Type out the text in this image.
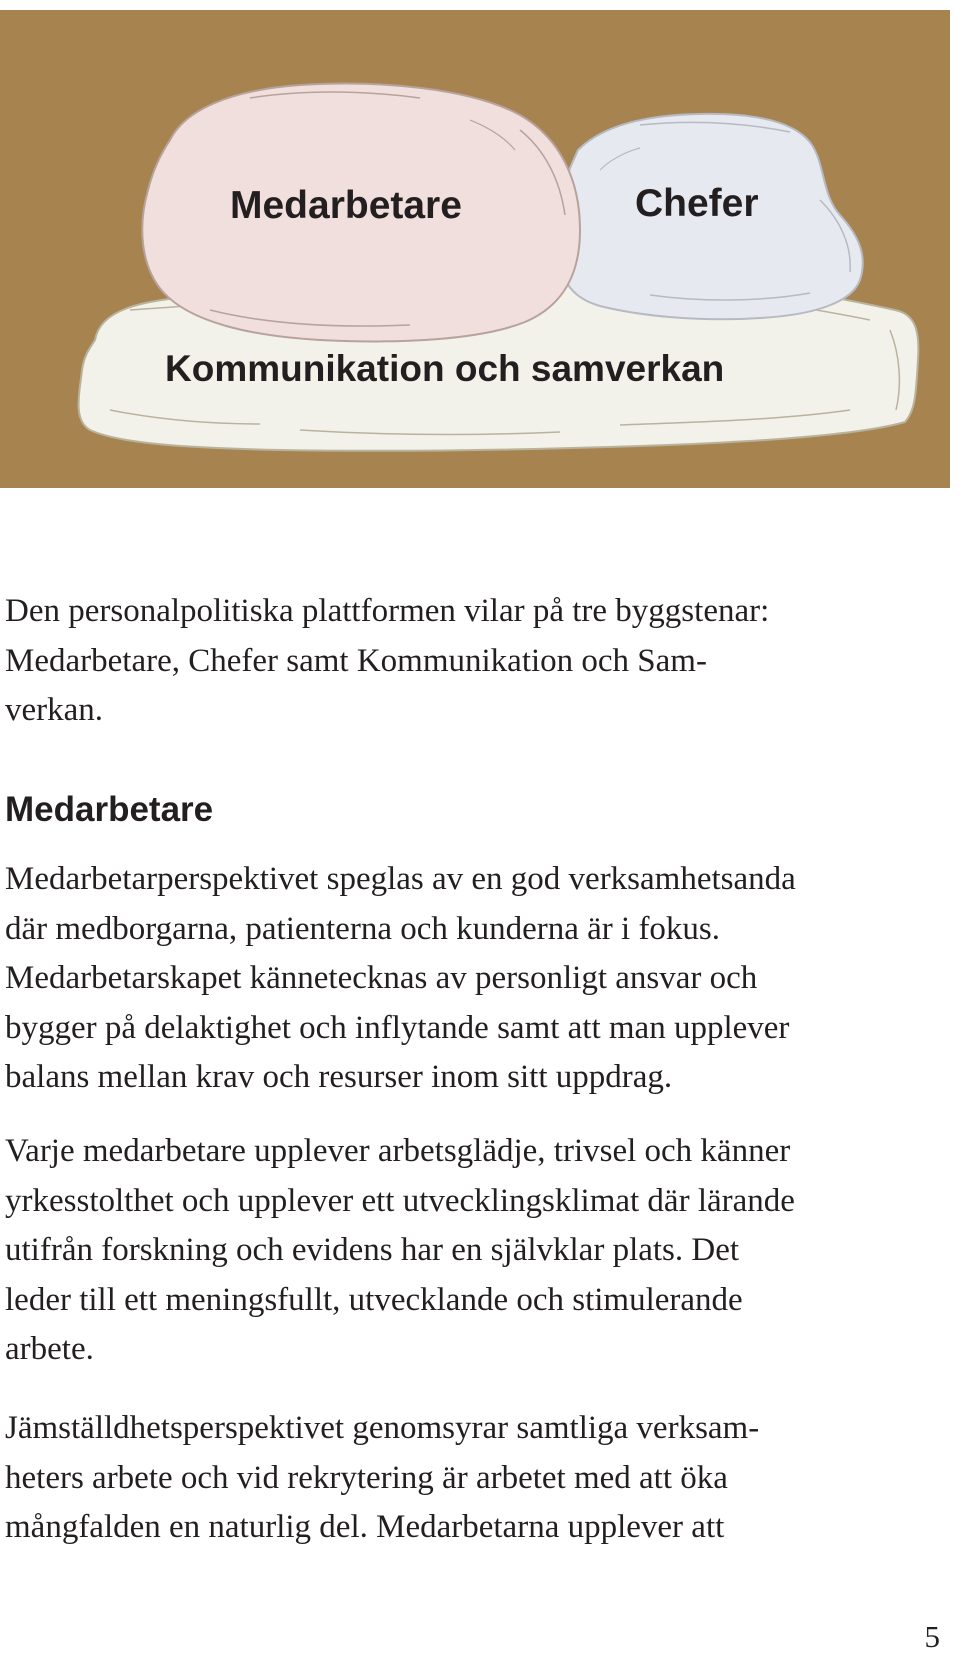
Medarbetare	Chefer
Kommunikation och samverkan

Den personalpolitiska plattformen vilar på tre byggstenar:
Medarbetare, Chefer samt Kommunikation och Sam-
verkan.

Medarbetare

Medarbetarperspektivet speglas av en god verksamhetsanda
där medborgarna, patienterna och kunderna är i fokus.
Medarbetarskapet kännetecknas av personligt ansvar och
bygger på delaktighet och inflytande samt att man upplever
balans mellan krav och resurser inom sitt uppdrag.

Varje medarbetare upplever arbetsglädje, trivsel och känner
yrkesstolthet och upplever ett utvecklingsklimat där lärande
utifrån forskning och evidens har en självklar plats. Det
leder till ett meningsfullt, utvecklande och stimulerande
arbete.

Jämställdhetsperspektivet genomsyrar samtliga verksam-
heters arbete och vid rekrytering är arbetet med att öka
mångfalden en naturlig del. Medarbetarna upplever att

5
